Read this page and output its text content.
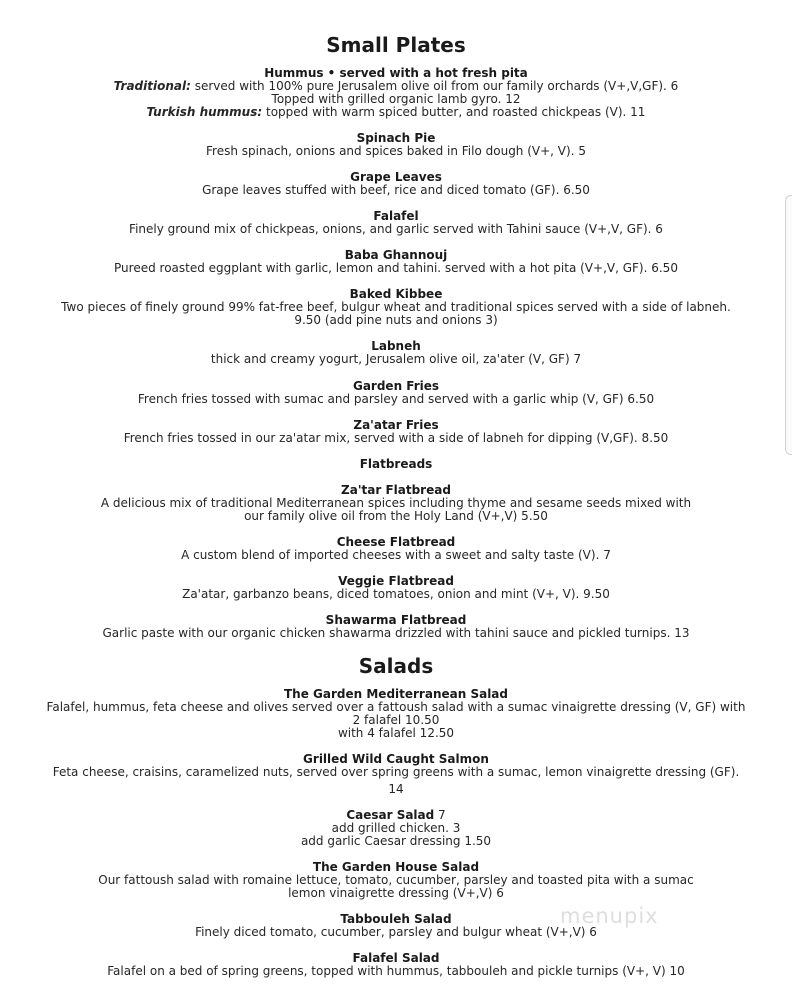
Small Plates
Hummus • served with a hot fresh pita
Traditional: served with 100% pure Jerusalem olive oil from our family orchards (V+,V,GF). 6
Topped with grilled organic lamb gyro. 12
Turkish hummus: topped with warm spiced butter, and roasted chickpeas (V). 11
Spinach Pie
Fresh spinach, onions and spices baked in Filo dough (V+, V). 5
Grape Leaves
Grape leaves stuffed with beef, rice and diced tomato (GF). 6.50
Falafel
Finely ground mix of chickpeas, onions, and garlic served with Tahini sauce (V+,V, GF). 6
Baba Ghannouj
Pureed roasted eggplant with garlic, lemon and tahini. served with a hot pita (V+,V, GF). 6.50
Baked Kibbee
Two pieces of finely ground 99% fat-free beef, bulgur wheat and traditional spices served with a side of labneh.
9.50 (add pine nuts and onions 3)
Labneh
thick and creamy yogurt, Jerusalem olive oil, za'ater (V, GF) 7
Garden Fries
French fries tossed with sumac and parsley and served with a garlic whip (V, GF) 6.50
Za'atar Fries
French fries tossed in our za'atar mix, served with a side of labneh for dipping (V,GF). 8.50
Flatbreads
Za'tar Flatbread
A delicious mix of traditional Mediterranean spices including thyme and sesame seeds mixed with
our family olive oil from the Holy Land (V+,V) 5.50
Cheese Flatbread
A custom blend of imported cheeses with a sweet and salty taste (V). 7
Veggie Flatbread
Za'atar, garbanzo beans, diced tomatoes, onion and mint (V+, V). 9.50
Shawarma Flatbread
Garlic paste with our organic chicken shawarma drizzled with tahini sauce and pickled turnips. 13
Salads
The Garden Mediterranean Salad
Falafel, hummus, feta cheese and olives served over a fattoush salad with a sumac vinaigrette dressing (V, GF) with
2 falafel 10.50
with 4 falafel 12.50
Grilled Wild Caught Salmon
Feta cheese, craisins, caramelized nuts, served over spring greens with a sumac, lemon vinaigrette dressing (GF).
14
Caesar Salad 7
add grilled chicken. 3
add garlic Caesar dressing 1.50
The Garden House Salad
Our fattoush salad with romaine lettuce, tomato, cucumber, parsley and toasted pita with a sumac
lemon vinaigrette dressing (V+,V) 6
Tabbouleh Salad
Finely diced tomato, cucumber, parsley and bulgur wheat (V+,V) 6
Falafel Salad
Falafel on a bed of spring greens, topped with hummus, tabbouleh and pickle turnips (V+, V) 10
menupix
